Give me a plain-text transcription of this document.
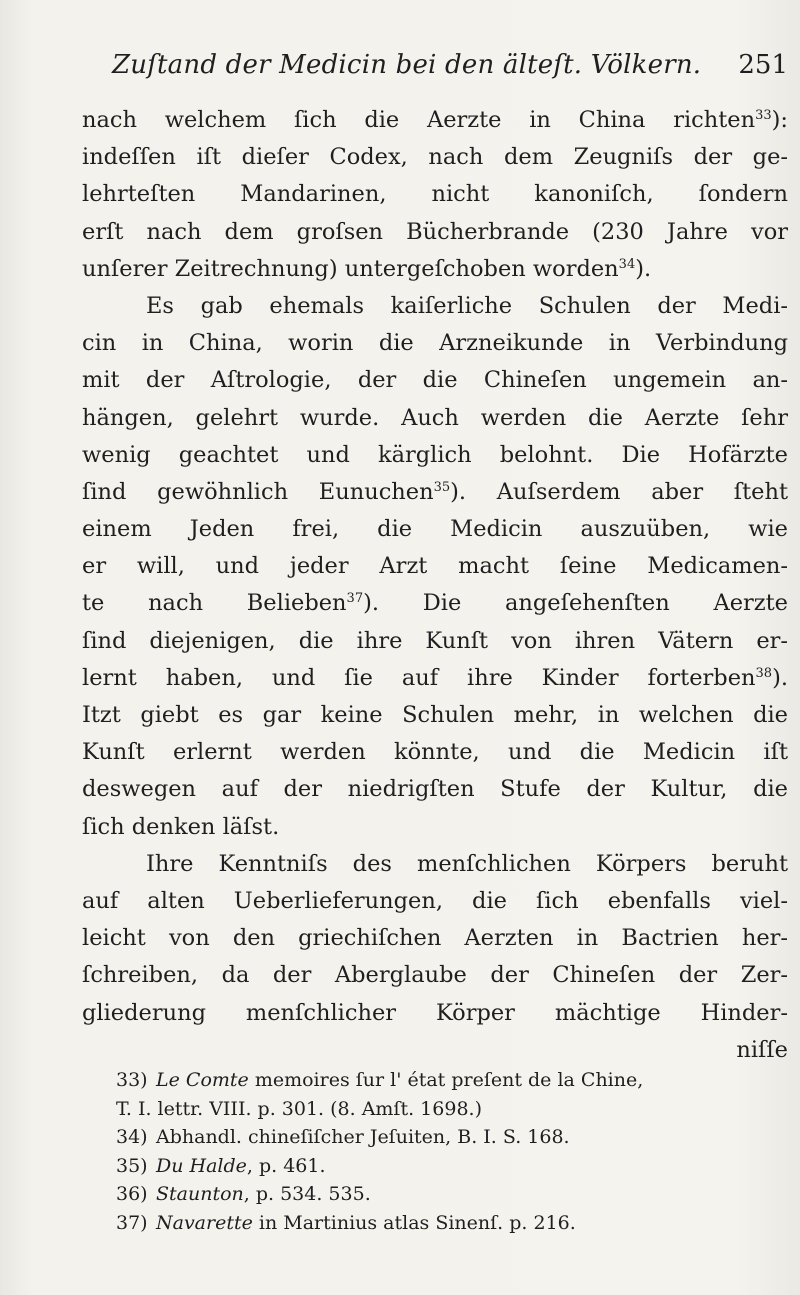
Zuſtand der Medicin bei den älteſt. Völkern. 251
nach welchem ſich die Aerzte in China richten$^{33}$):
indeſſen iſt dieſer Codex, nach dem Zeugniſs der ge-
lehrteſten Mandarinen, nicht kanoniſch, ſondern
erſt nach dem groſsen Bücherbrande (230 Jahre vor
unſerer Zeitrechnung) untergeſchoben worden$^{34}$).
Es gab ehemals kaiſerliche Schulen der Medi-
cin in China, worin die Arzneikunde in Verbindung
mit der Aſtrologie, der die Chineſen ungemein an-
hängen, gelehrt wurde. Auch werden die Aerzte ſehr
wenig geachtet und kärglich belohnt. Die Hofärzte
ſind gewöhnlich Eunuchen$^{35}$). Auſserdem aber ſteht
einem Jeden frei, die Medicin auszuüben, wie
er will, und jeder Arzt macht ſeine Medicamen-
te nach Belieben$^{37}$). Die angeſehenſten Aerzte
ſind diejenigen, die ihre Kunſt von ihren Vätern er-
lernt haben, und ſie auf ihre Kinder forterben$^{38}$).
Itzt giebt es gar keine Schulen mehr, in welchen die
Kunſt erlernt werden könnte, und die Medicin iſt
deswegen auf der niedrigſten Stufe der Kultur, die
ſich denken läſst.
Ihre Kenntniſs des menſchlichen Körpers beruht
auf alten Ueberlieferungen, die ſich ebenfalls viel-
leicht von den griechiſchen Aerzten in Bactrien her-
ſchreiben, da der Aberglaube der Chineſen der Zer-
gliederung menſchlicher Körper mächtige Hinder-
niſſe
33) Le Comte memoires ſur l' état preſent de la Chine,
T. I. lettr. VIII. p. 301. (8. Amſt. 1698.)
34) Abhandl. chineſiſcher Jeſuiten, B. I. S. 168.
35) Du Halde, p. 461.
36) Staunton, p. 534. 535.
37) Navarette in Martinius atlas Sinenſ. p. 216.
